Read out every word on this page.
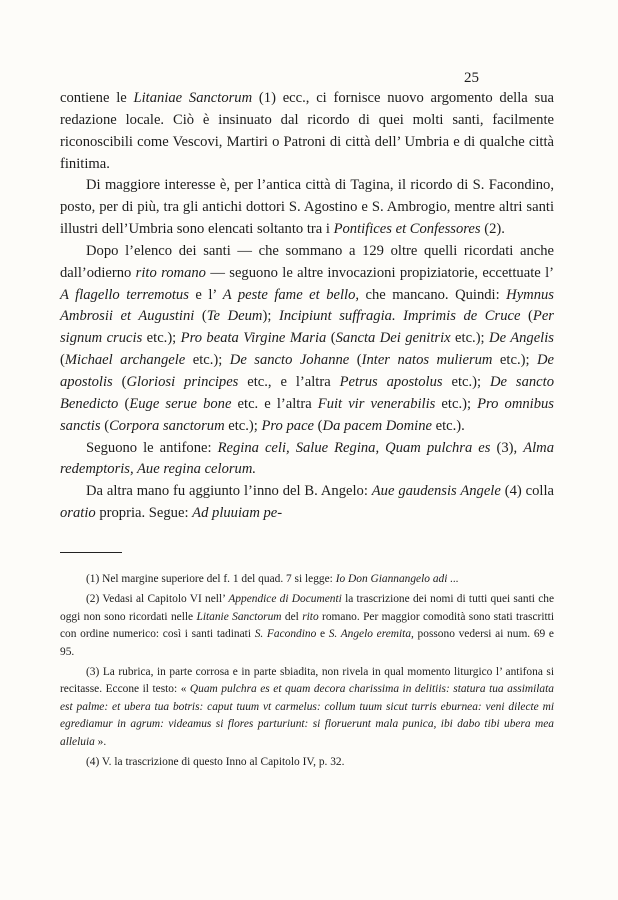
25

contiene le Litaniae Sanctorum (1) ecc., ci fornisce nuovo argomento della sua redazione locale. Ciò è insinuato dal ricordo di quei molti santi, facilmente riconoscibili come Vescovi, Martiri o Patroni di città dell’ Umbria e di qualche città finitima.

Di maggiore interesse è, per l’antica città di Tagina, il ricordo di S. Facondino, posto, per di più, tra gli antichi dottori S. Agostino e S. Ambrogio, mentre altri santi illustri dell’Umbria sono elencati soltanto tra i Pontifices et Confessores (2).

Dopo l’elenco dei santi — che sommano a 129 oltre quelli ricordati anche dall’odierno rito romano — seguono le altre invocazioni propiziatorie, eccettuate l’ A flagello terremotus e l’ A peste fame et bello, che mancano. Quindi: Hymnus Ambrosii et Augustini (Te Deum); Incipiunt suffragia. Imprimis de Cruce (Per signum crucis etc.); Pro beata Virgine Maria (Sancta Dei genitrix etc.); De Angelis (Michael archangele etc.); De sancto Johanne (Inter natos mulierum etc.); De apostolis (Gloriosi principes etc., e l’altra Petrus apostolus etc.); De sancto Benedicto (Euge serue bone etc. e l’altra Fuit vir venerabilis etc.); Pro omnibus sanctis (Corpora sanctorum etc.); Pro pace (Da pacem Domine etc.).

Seguono le antifone: Regina celi, Salue Regina, Quam pulchra es (3), Alma redemptoris, Aue regina celorum.

Da altra mano fu aggiunto l’inno del B. Angelo: Aue gaudensis Angele (4) colla oratio propria. Segue: Ad pluuiam pe-

(1) Nel margine superiore del f. 1 del quad. 7 si legge: Io Don Giannangelo adi ...

(2) Vedasi al Capitolo VI nell’ Appendice di Documenti la trascrizione dei nomi di tutti quei santi che oggi non sono ricordati nelle Litanie Sanctorum del rito romano. Per maggior comodità sono stati trascritti con ordine numerico: così i santi tadinati S. Facondino e S. Angelo eremita, possono vedersi ai num. 69 e 95.

(3) La rubrica, in parte corrosa e in parte sbiadita, non rivela in qual momento liturgico l’ antifona si recitasse. Eccone il testo: « Quam pulchra es et quam decora charissima in delitiis: statura tua assimilata est palme: et ubera tua botris: caput tuum vt carmelus: collum tuum sicut turris eburnea: veni dilecte mi egrediamur in agrum: videamus si flores parturiunt: si floruerunt mala punica, ibi dabo tibi ubera mea alleluia ».

(4) V. la trascrizione di questo Inno al Capitolo IV, p. 32.
